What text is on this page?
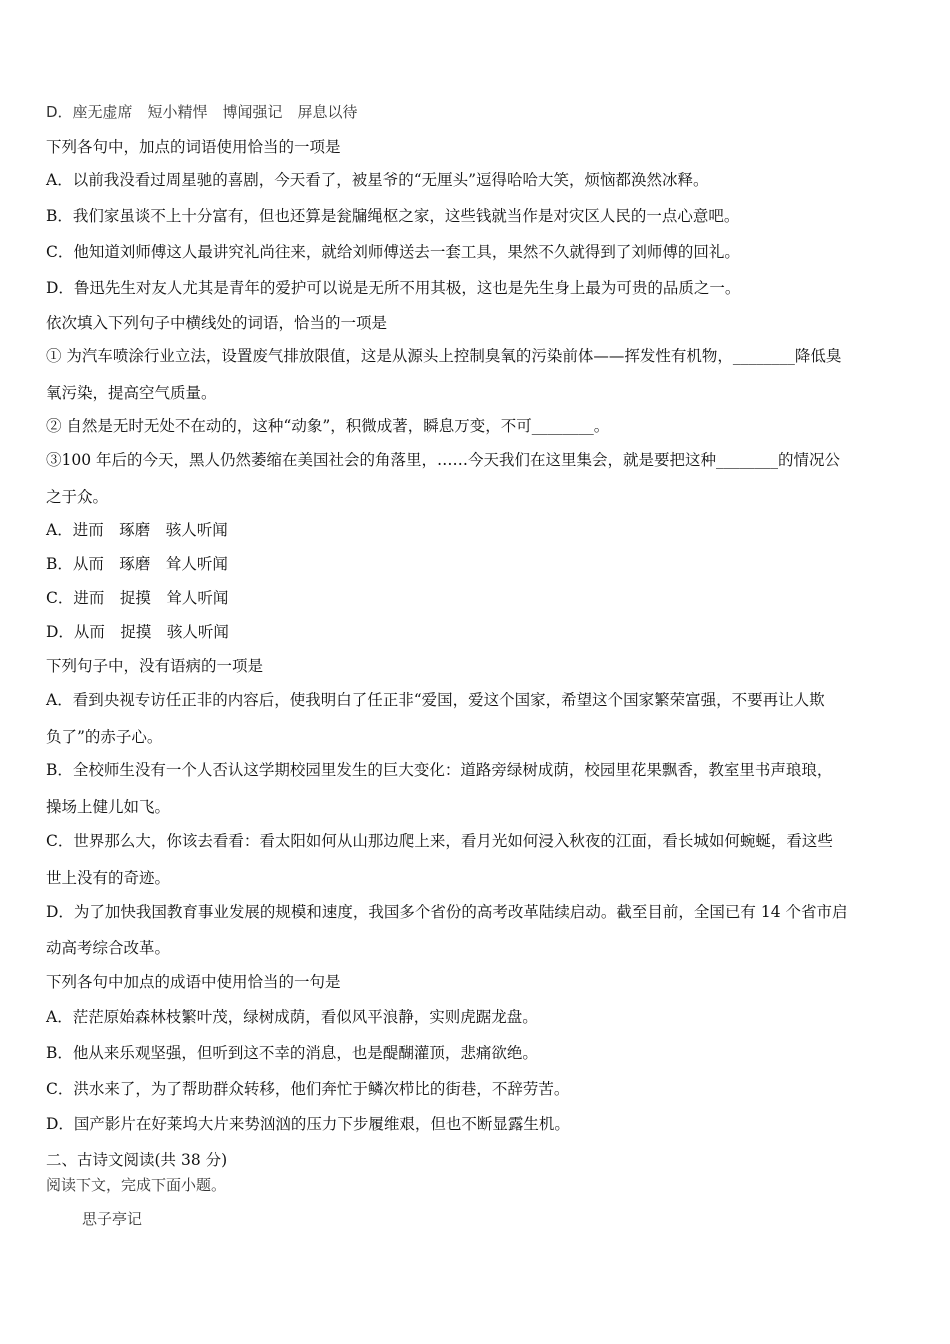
D．座无虚席　短小精悍　博闻强记　屏息以待
下列各句中，加点的词语使用恰当的一项是
A．以前我没看过周星驰的喜剧，今天看了，被星爷的“无厘头”逗得哈哈大笑，烦恼都涣然冰释。
B．我们家虽谈不上十分富有，但也还算是瓮牖绳枢之家，这些钱就当作是对灾区人民的一点心意吧。
C．他知道刘师傅这人最讲究礼尚往来，就给刘师傅送去一套工具，果然不久就得到了刘师傅的回礼。
D．鲁迅先生对友人尤其是青年的爱护可以说是无所不用其极，这也是先生身上最为可贵的品质之一。
依次填入下列句子中横线处的词语，恰当的一项是
① 为汽车喷涂行业立法，设置废气排放限值，这是从源头上控制臭氧的污染前体——挥发性有机物，________降低臭
氧污染，提高空气质量。
② 自然是无时无处不在动的，这种“动象”，积微成著，瞬息万变，不可________。
③100 年后的今天，黑人仍然萎缩在美国社会的角落里，……今天我们在这里集会，就是要把这种________的情况公
之于众。
A．进而　琢磨　骇人听闻
B．从而　琢磨　耸人听闻
C．进而　捉摸　耸人听闻
D．从而　捉摸　骇人听闻
下列句子中，没有语病的一项是
A．看到央视专访任正非的内容后，使我明白了任正非“爱国，爱这个国家，希望这个国家繁荣富强，不要再让人欺
负了”的赤子心。
B．全校师生没有一个人否认这学期校园里发生的巨大变化：道路旁绿树成荫，校园里花果飘香，教室里书声琅琅，
操场上健儿如飞。
C．世界那么大，你该去看看：看太阳如何从山那边爬上来，看月光如何浸入秋夜的江面，看长城如何蜿蜒，看这些
世上没有的奇迹。
D．为了加快我国教育事业发展的规模和速度，我国多个省份的高考改革陆续启动。截至目前，全国已有 14 个省市启
动高考综合改革。
下列各句中加点的成语中使用恰当的一句是
A．茫茫原始森林枝繁叶茂，绿树成荫，看似风平浪静，实则虎踞龙盘。
B．他从来乐观坚强，但听到这不幸的消息，也是醍醐灌顶，悲痛欲绝。
C．洪水来了，为了帮助群众转移，他们奔忙于鳞次栉比的街巷，不辞劳苦。
D．国产影片在好莱坞大片来势汹汹的压力下步履维艰，但也不断显露生机。
二、古诗文阅读(共 38 分)
阅读下文，完成下面小题。
思子亭记
